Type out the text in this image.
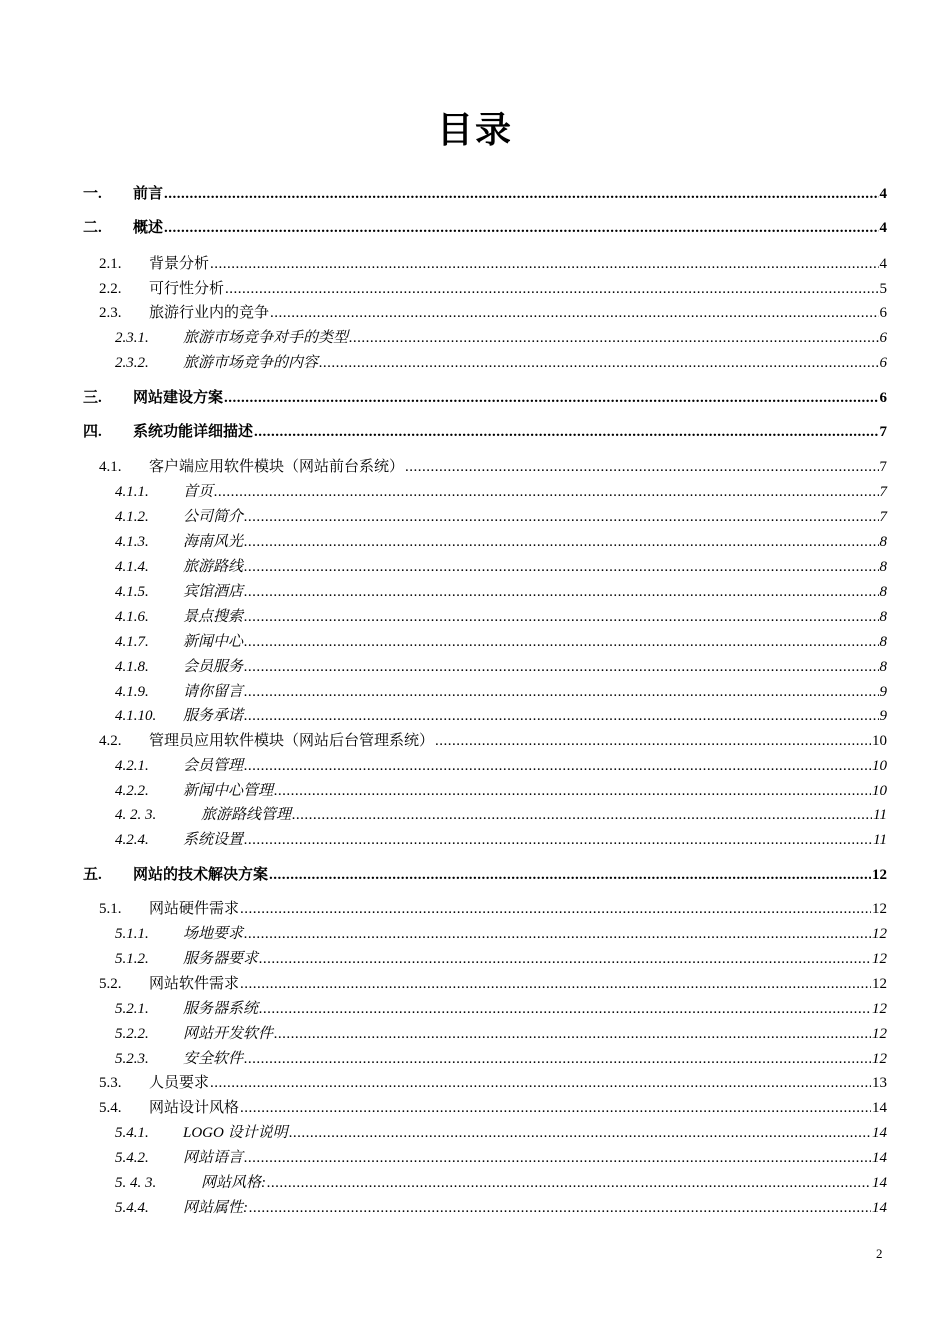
目录
一. 前言 .....	4
二. 概述 .....	4
2.1. 背景分析 .....	4
2.2. 可行性分析 .....	5
2.3. 旅游行业内的竞争 .....	6
2.3.1. 旅游市场竞争对手的类型 .....	6
2.3.2. 旅游市场竞争的内容 .....	6
三. 网站建设方案 .....	6
四. 系统功能详细描述 .....	7
4.1. 客户端应用软件模块（网站前台系统） .....	7
4.1.1. 首页 .....	7
4.1.2. 公司简介 .....	7
4.1.3. 海南风光 .....	8
4.1.4. 旅游路线 .....	8
4.1.5. 宾馆酒店 .....	8
4.1.6. 景点搜索 .....	8
4.1.7. 新闻中心 .....	8
4.1.8. 会员服务 .....	8
4.1.9. 请你留言 .....	9
4.1.10. 服务承诺 .....	9
4.2. 管理员应用软件模块（网站后台管理系统） .....	10
4.2.1. 会员管理 .....	10
4.2.2. 新闻中心管理 .....	10
4. 2. 3.	旅游路线管理 .....	11
4.2.4. 系统设置 .....	11
五. 网站的技术解决方案 .....	12
5.1. 网站硬件需求 .....	12
5.1.1. 场地要求 .....	12
5.1.2. 服务器要求 .....	12
5.2. 网站软件需求 .....	12
5.2.1. 服务器系统 .....	12
5.2.2. 网站开发软件 .....	12
5.2.3. 安全软件 .....	12
5.3. 人员要求 .....	13
5.4. 网站设计风格 .....	14
5.4.1. LOGO 设计说明 .....	14
5.4.2. 网站语言 .....	14
5. 4. 3.	网站风格: .....	14
5.4.4. 网站属性: .....	14
2
